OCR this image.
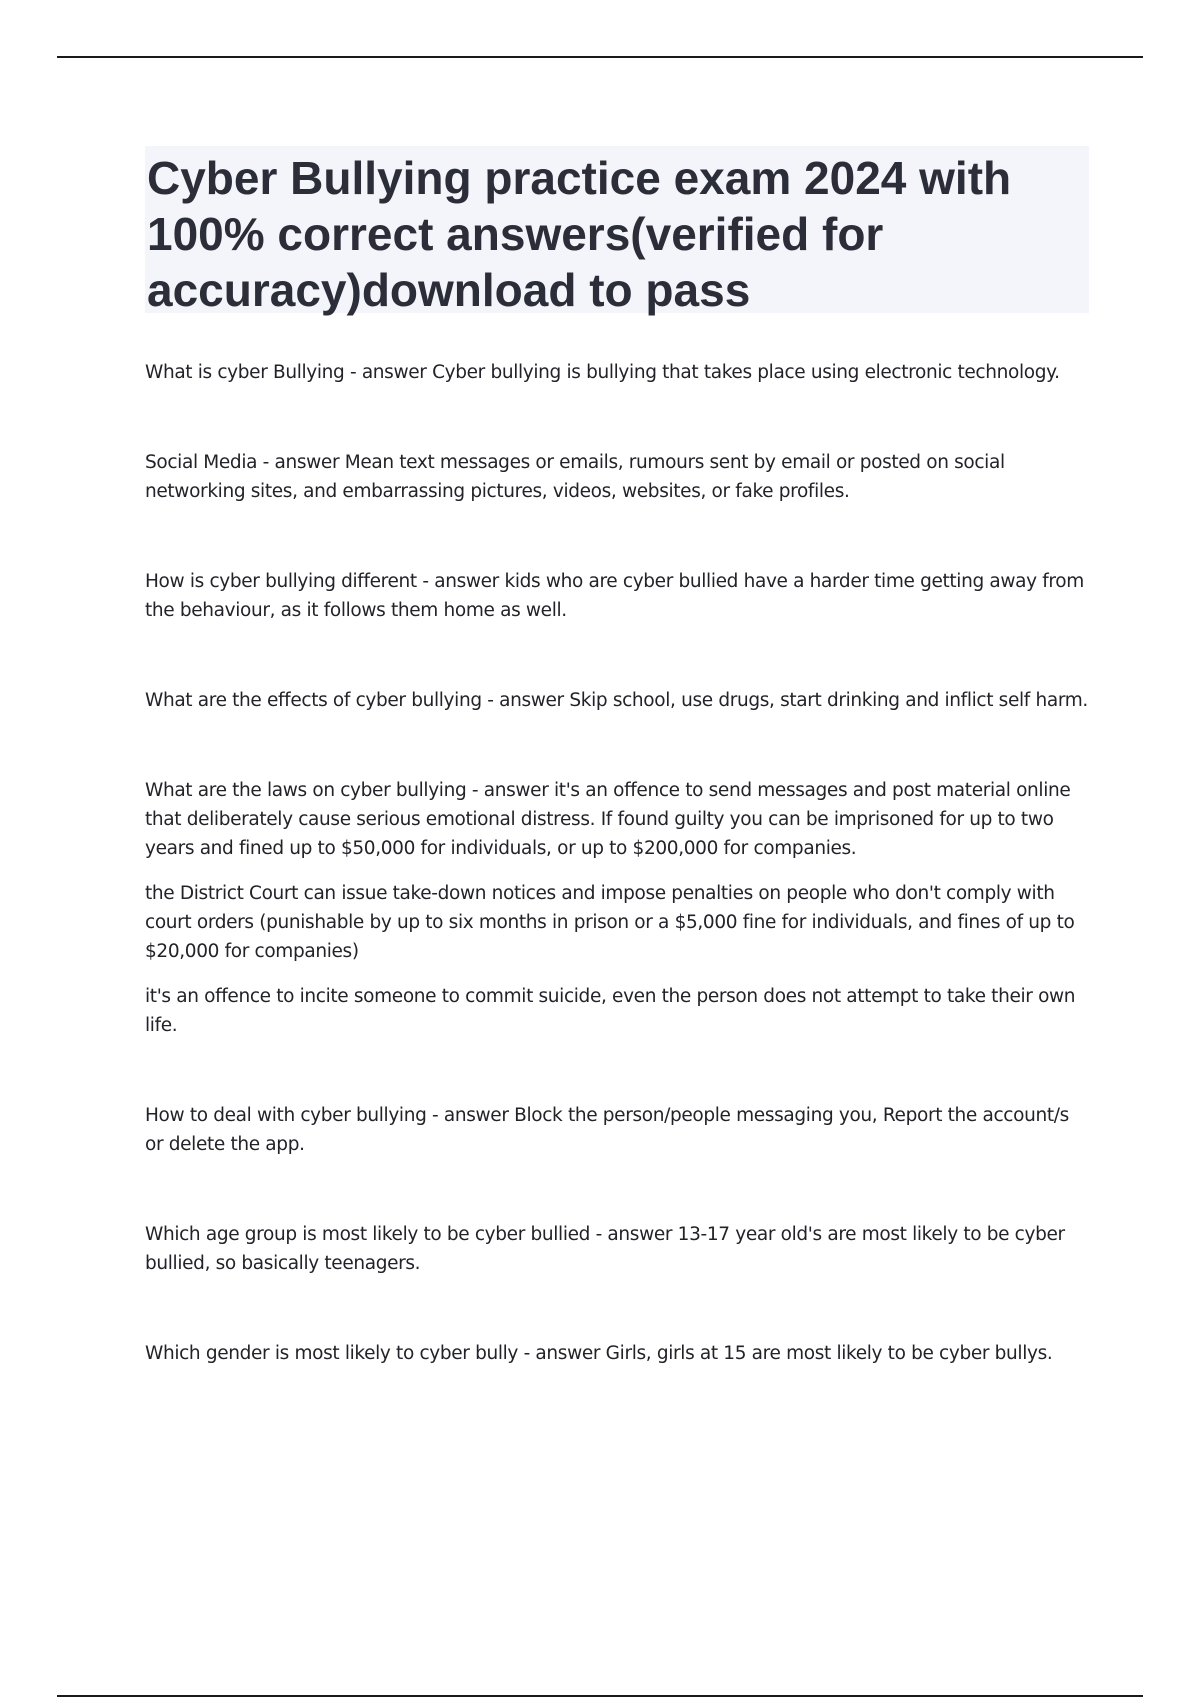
Cyber Bullying practice exam 2024 with 100% correct answers(verified for accuracy)download to pass

What is cyber Bullying - answer Cyber bullying is bullying that takes place using electronic technology.

Social Media - answer Mean text messages or emails, rumours sent by email or posted on social networking sites, and embarrassing pictures, videos, websites, or fake profiles.

How is cyber bullying different - answer kids who are cyber bullied have a harder time getting away from the behaviour, as it follows them home as well.

What are the effects of cyber bullying - answer Skip school, use drugs, start drinking and inflict self harm.

What are the laws on cyber bullying - answer it's an offence to send messages and post material online that deliberately cause serious emotional distress. If found guilty you can be imprisoned for up to two years and fined up to $50,000 for individuals, or up to $200,000 for companies.

the District Court can issue take-down notices and impose penalties on people who don't comply with court orders (punishable by up to six months in prison or a $5,000 fine for individuals, and fines of up to $20,000 for companies)

it's an offence to incite someone to commit suicide, even the person does not attempt to take their own life.

How to deal with cyber bullying - answer Block the person/people messaging you, Report the account/s or delete the app.

Which age group is most likely to be cyber bullied - answer 13-17 year old's are most likely to be cyber bullied, so basically teenagers.

Which gender is most likely to cyber bully - answer Girls, girls at 15 are most likely to be cyber bullys.
